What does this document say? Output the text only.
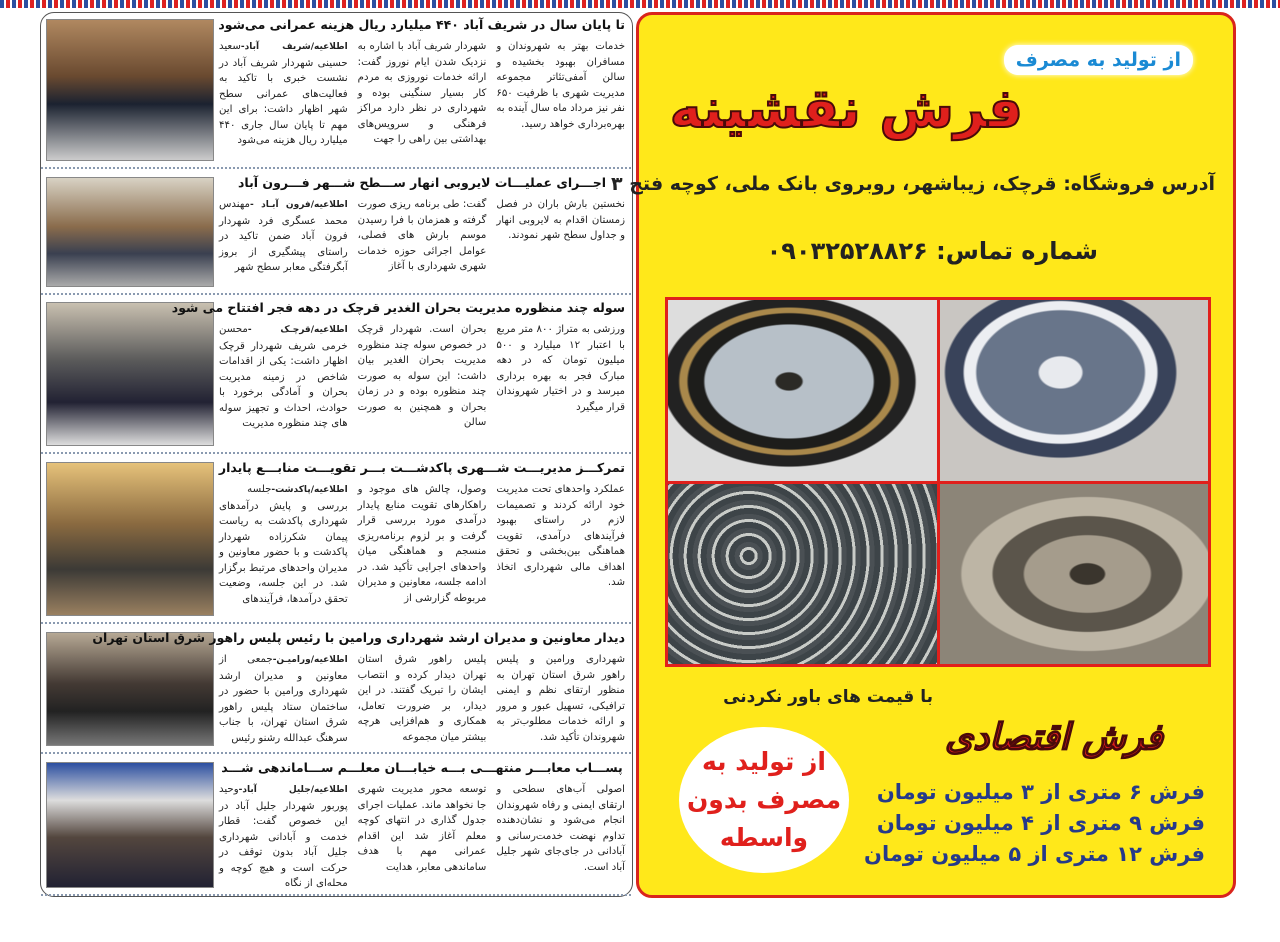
تا پایان سال در شریف آباد ۴۴۰ میلیارد ریال هزینه عمرانی می‌شود
اطلاعیه/شریف آباد-سعید حسینی شهردار شریف آباد در نشست خبری با تاکید به فعالیت‌های عمرانی سطح شهر اظهار داشت: برای این مهم تا پایان سال جاری ۴۴۰ میلیارد ریال هزینه می‌شود
شهردار شریف آباد با اشاره به نزدیک شدن ایام نوروز گفت: ارائه خدمات نوروزی به مردم کار بسیار سنگینی بوده و شهرداری در نظر دارد مراکز فرهنگی و سرویس‌های بهداشتی بین راهی را جهت
خدمات بهتر به شهروندان و مسافران بهبود بخشیده و سالن آمفی‌تئاتر مجموعه مدیریت شهری با ظرفیت ۶۵۰ نفر نیز مرداد ماه سال آینده به بهره‌برداری خواهد رسید.
اجـــرای عملیـــات لایروبی انهار ســـطح شـــهر فـــرون آباد
اطلاعیه/فرون آبـاد -مهندس محمد عسگری فرد شهردار فرون آباد ضمن تاکید در راستای پیشگیری از بروز آبگرفتگی معابر سطح شهر
گفت: طی برنامه ریزی صورت گرفته و همزمان با فرا رسیدن موسم بارش های فصلی، عوامل اجرائی حوزه خدمات شهری شهرداری با آغاز
نخستین بارش باران در فصل زمستان اقدام به لایروبی انهار و جداول سطح شهر نمودند.
سوله چند منظوره مدیریت بحران الغدیر قرچک در دهه فجر افتتاح می شود
اطلاعیه/قرچـک -محسن خرمی شریف شهردار قرچک اظهار داشت: یکی از اقدامات شاخص در زمینه مدیریت بحران و آمادگی برخورد با حوادث، احداث و تجهیز سوله های چند منظوره مدیریت
بحران است. شهردار قرچک در خصوص سوله چند منظوره مدیریت بحران الغدیر بیان داشت: این سوله به صورت چند منظوره بوده و در زمان بحران و همچنین به صورت سالن
ورزشی به متراژ ۸۰۰ متر مربع با اعتبار ۱۲ میلیارد و ۵۰۰ میلیون تومان که در دهه مبارک فجر به بهره برداری میرسد و در اختیار شهروندان قرار میگیرد
تمرکـــز مدیریـــت شـــهری پاکدشـــت بـــر تقویـــت منابـــع پایدار
اطلاعیه/پاکدشت-جلسه بررسی و پایش درآمدهای شهرداری پاکدشت به ریاست پیمان شکرزاده شهردار پاکدشت و با حضور معاونین و مدیران واحدهای مرتبط برگزار شد. در این جلسه، وضعیت تحقق درآمدها، فرآیندهای
وصول، چالش های موجود و راهکارهای تقویت منابع پایدار درآمدی مورد بررسی قرار گرفت و بر لزوم برنامه‌ریزی منسجم و هماهنگی میان واحدهای اجرایی تأکید شد. در ادامه جلسه، معاونین و مدیران مربوطه گزارشی از
عملکرد واحدهای تحت مدیریت خود ارائه کردند و تصمیمات لازم در راستای بهبود فرآیندهای درآمدی، تقویت هماهنگی بین‌بخشی و تحقق اهداف مالی شهرداری اتخاذ شد.
دیدار معاونین و مدیران ارشد شهرداری ورامین با رئیس پلیس راهور شرق استان تهران
اطلاعیه/ورامیـن-جمعی از معاونین و مدیران ارشد شهرداری ورامین با حضور در ساختمان ستاد پلیس راهور شرق استان تهران، با جناب سرهنگ عبدالله رشنو رئیس
پلیس راهور شرق استان تهران دیدار کرده و انتصاب ایشان را تبریک گفتند. در این دیدار، بر ضرورت تعامل، همکاری و هم‌افزایی هرچه بیشتر میان مجموعه
شهرداری ورامین و پلیس راهور شرق استان تهران به منظور ارتقای نظم و ایمنی ترافیکی، تسهیل عبور و مرور و ارائه خدمات مطلوب‌تر به شهروندان تأکید شد.
پســـاب معابـــر منتهـــی بـــه خیابـــان معلـــم ســـاماندهی شـــد
اطلاعیه/جلیل آباد-وحید پوربور شهردار جلیل آباد در این خصوص گفت: قطار خدمت و آبادانی شهرداری جلیل آباد بدون توقف در حرکت است و هیچ کوچه و محله‌ای از نگاه
توسعه محور مدیریت شهری جا نخواهد ماند. عملیات اجرای جدول گذاری در انتهای کوچه معلم آغاز شد این اقدام عمرانی مهم با هدف ساماندهی معابر، هدایت
اصولی آب‌های سطحی و ارتقای ایمنی و رفاه شهروندان انجام می‌شود و نشان‌دهنده تداوم نهضت خدمت‌رسانی و آبادانی در جای‌جای شهر جلیل آباد است.
از تولید به مصرف
فرش نقشینه
آدرس فروشگاه: قرچک، زیباشهر، روبروی بانک ملی، کوچه فتح ۳
شماره تماس: ۰۹۰۳۲۵۲۸۸۲۶
با قیمت های باور نکردنی
فرش اقتصادی
فرش ۶ متری از ۳ میلیون تومان
فرش ۹ متری از ۴ میلیون تومان
فرش ۱۲ متری از ۵ میلیون تومان
از تولید به
مصرف بدون
واسطه
